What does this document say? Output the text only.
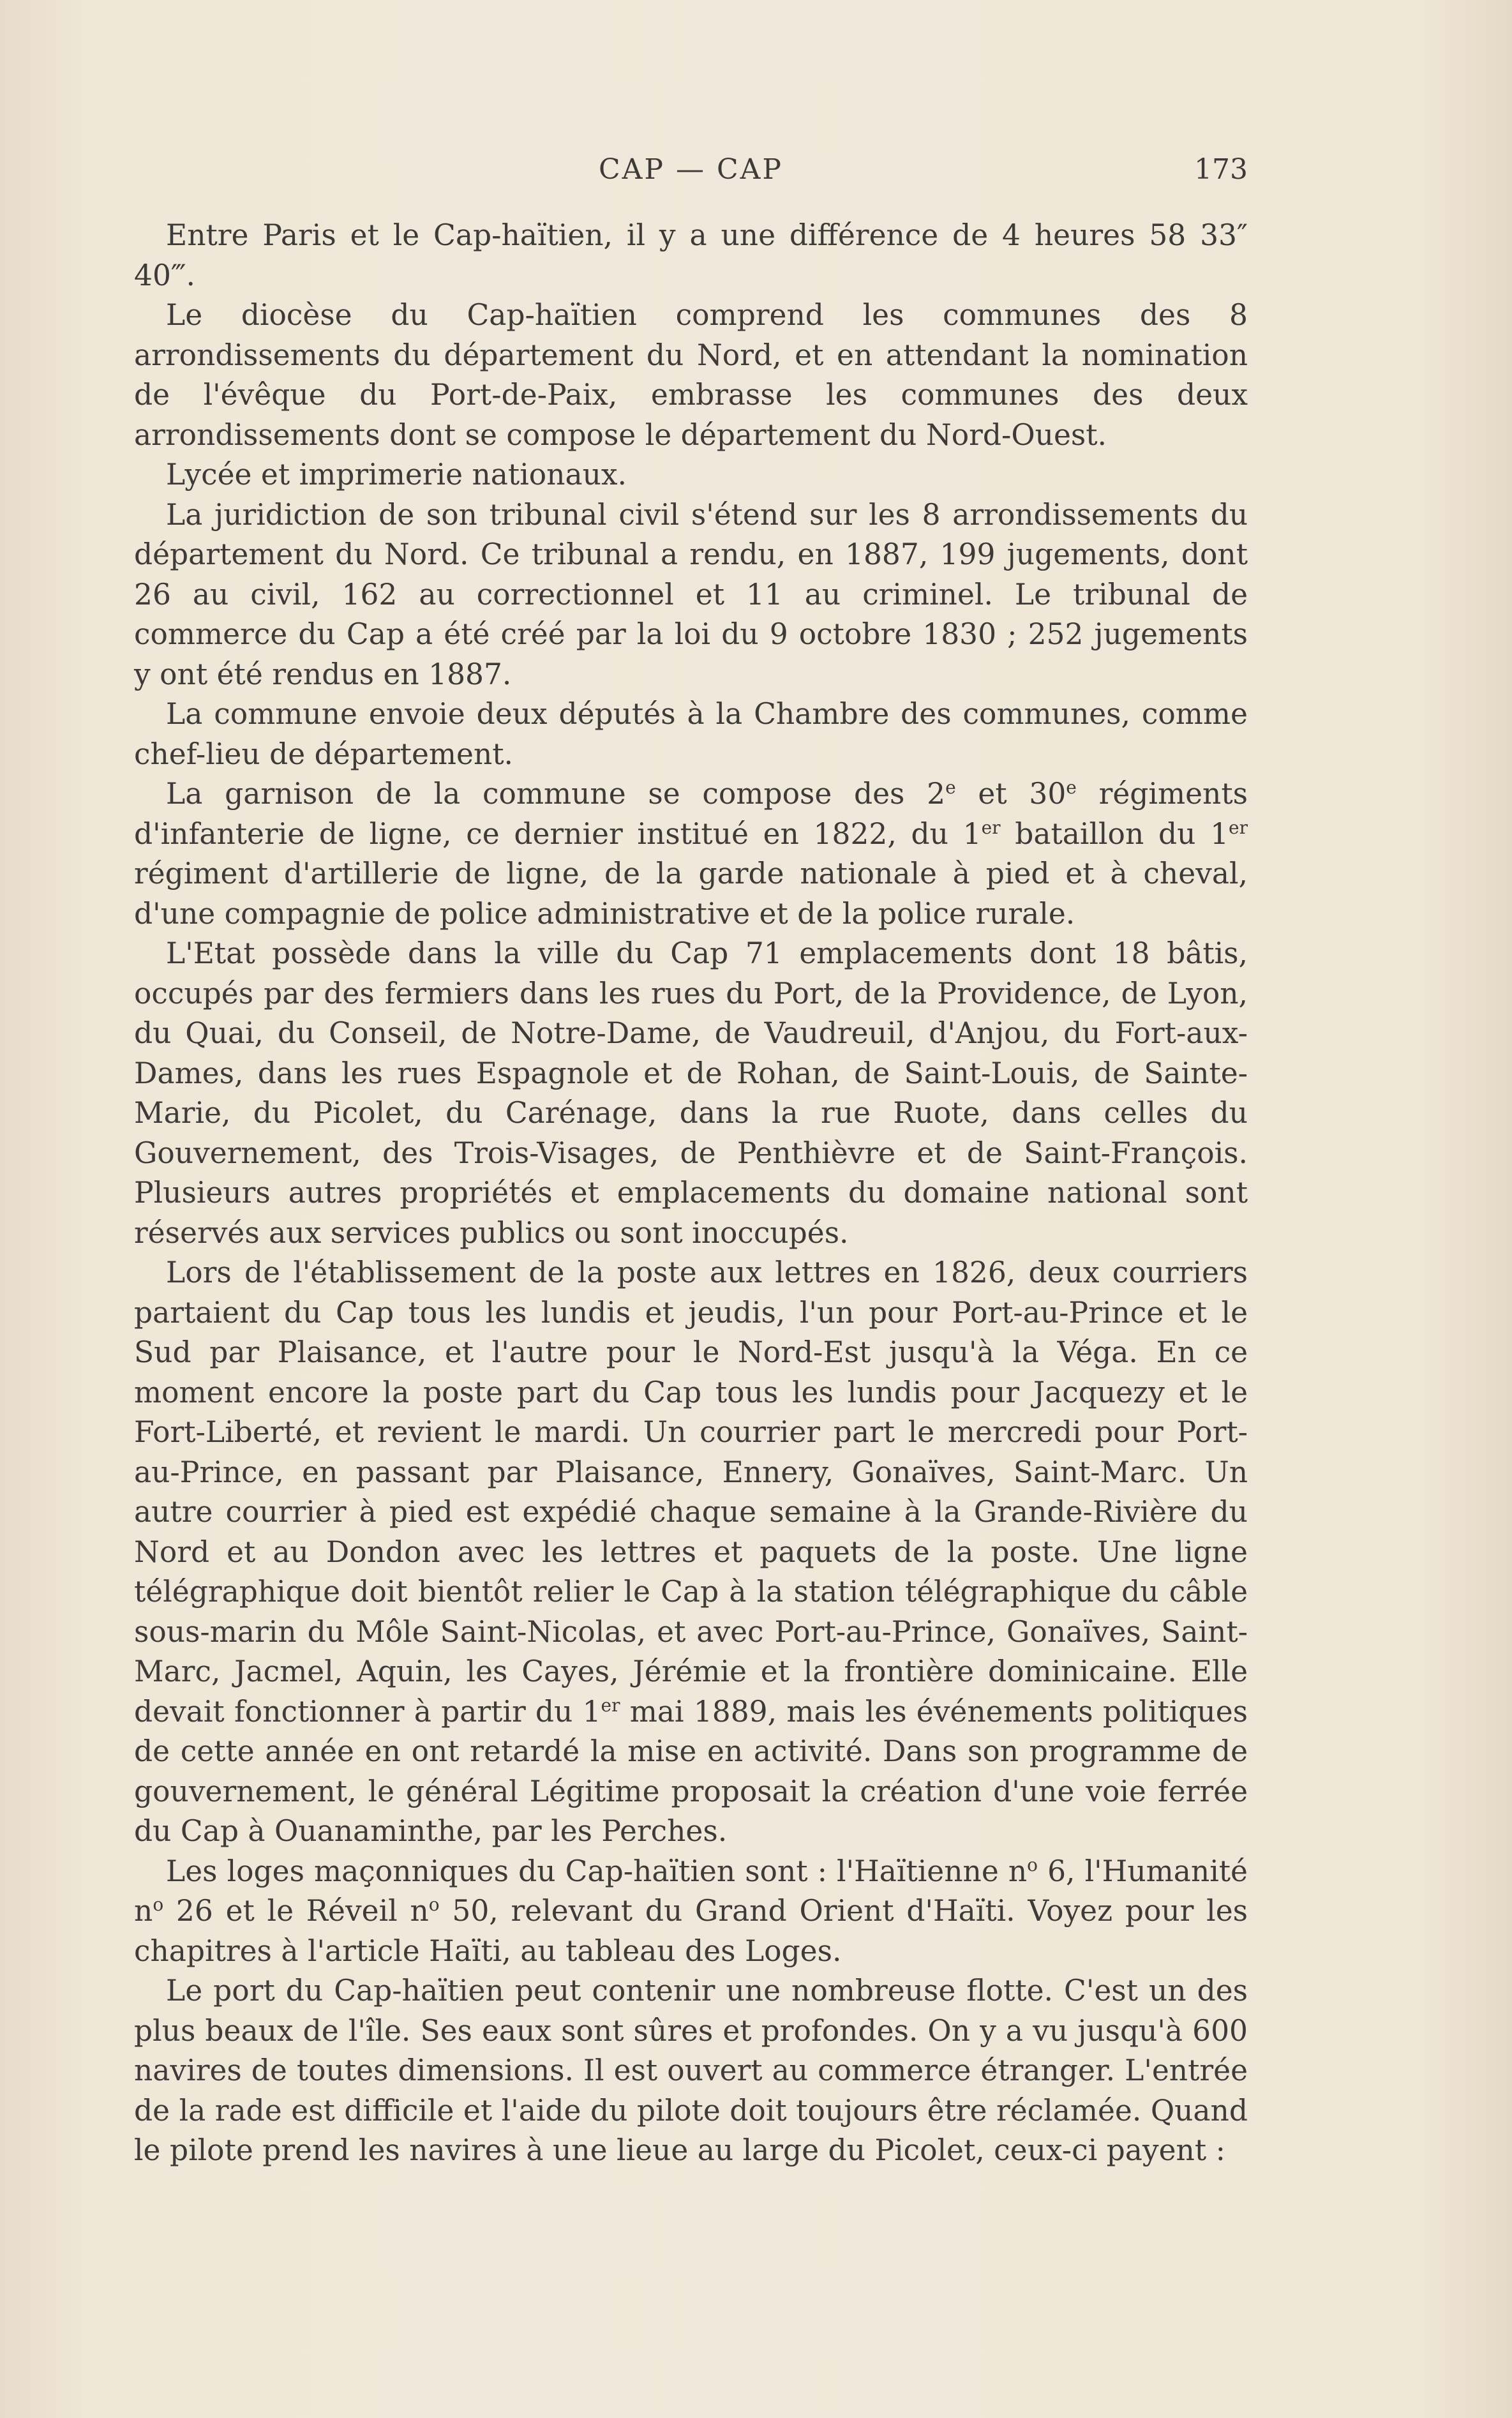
CAP — CAP	173

Entre Paris et le Cap-haïtien, il y a une différence de 4 heures 58 33″ 40‴.

Le diocèse du Cap-haïtien comprend les communes des 8 arrondissements du département du Nord, et en attendant la nomination de l'évêque du Port-de-Paix, embrasse les communes des deux arrondissements dont se compose le département du Nord-Ouest.

Lycée et imprimerie nationaux.

La juridiction de son tribunal civil s'étend sur les 8 arrondissements du département du Nord. Ce tribunal a rendu, en 1887, 199 jugements, dont 26 au civil, 162 au correctionnel et 11 au criminel. Le tribunal de commerce du Cap a été créé par la loi du 9 octobre 1830 ; 252 jugements y ont été rendus en 1887.

La commune envoie deux députés à la Chambre des communes, comme chef-lieu de département.

La garnison de la commune se compose des 2e et 30e régiments d'infanterie de ligne, ce dernier institué en 1822, du 1er bataillon du 1er régiment d'artillerie de ligne, de la garde nationale à pied et à cheval, d'une compagnie de police administrative et de la police rurale.

L'Etat possède dans la ville du Cap 71 emplacements dont 18 bâtis, occupés par des fermiers dans les rues du Port, de la Providence, de Lyon, du Quai, du Conseil, de Notre-Dame, de Vaudreuil, d'Anjou, du Fort-aux-Dames, dans les rues Espagnole et de Rohan, de Saint-Louis, de Sainte-Marie, du Picolet, du Carénage, dans la rue Ruote, dans celles du Gouvernement, des Trois-Visages, de Penthièvre et de Saint-François. Plusieurs autres propriétés et emplacements du domaine national sont réservés aux services publics ou sont inoccupés.

Lors de l'établissement de la poste aux lettres en 1826, deux courriers partaient du Cap tous les lundis et jeudis, l'un pour Port-au-Prince et le Sud par Plaisance, et l'autre pour le Nord-Est jusqu'à la Véga. En ce moment encore la poste part du Cap tous les lundis pour Jacquezy et le Fort-Liberté, et revient le mardi. Un courrier part le mercredi pour Port-au-Prince, en passant par Plaisance, Ennery, Gonaïves, Saint-Marc. Un autre courrier à pied est expédié chaque semaine à la Grande-Rivière du Nord et au Dondon avec les lettres et paquets de la poste. Une ligne télégraphique doit bientôt relier le Cap à la station télégraphique du câble sous-marin du Môle Saint-Nicolas, et avec Port-au-Prince, Gonaïves, Saint-Marc, Jacmel, Aquin, les Cayes, Jérémie et la frontière dominicaine. Elle devait fonctionner à partir du 1er mai 1889, mais les événements politiques de cette année en ont retardé la mise en activité. Dans son programme de gouvernement, le général Légitime proposait la création d'une voie ferrée du Cap à Ouanaminthe, par les Perches.

Les loges maçonniques du Cap-haïtien sont : l'Haïtienne $n^o$ 6, l'Humanité $n^o$ 26 et le Réveil $n^o$ 50, relevant du Grand Orient d'Haïti. Voyez pour les chapitres à l'article Haïti, au tableau des Loges.

Le port du Cap-haïtien peut contenir une nombreuse flotte. C'est un des plus beaux de l'île. Ses eaux sont sûres et profondes. On y a vu jusqu'à 600 navires de toutes dimensions. Il est ouvert au commerce étranger. L'entrée de la rade est difficile et l'aide du pilote doit toujours être réclamée. Quand le pilote prend les navires à une lieue au large du Picolet, ceux-ci payent :
